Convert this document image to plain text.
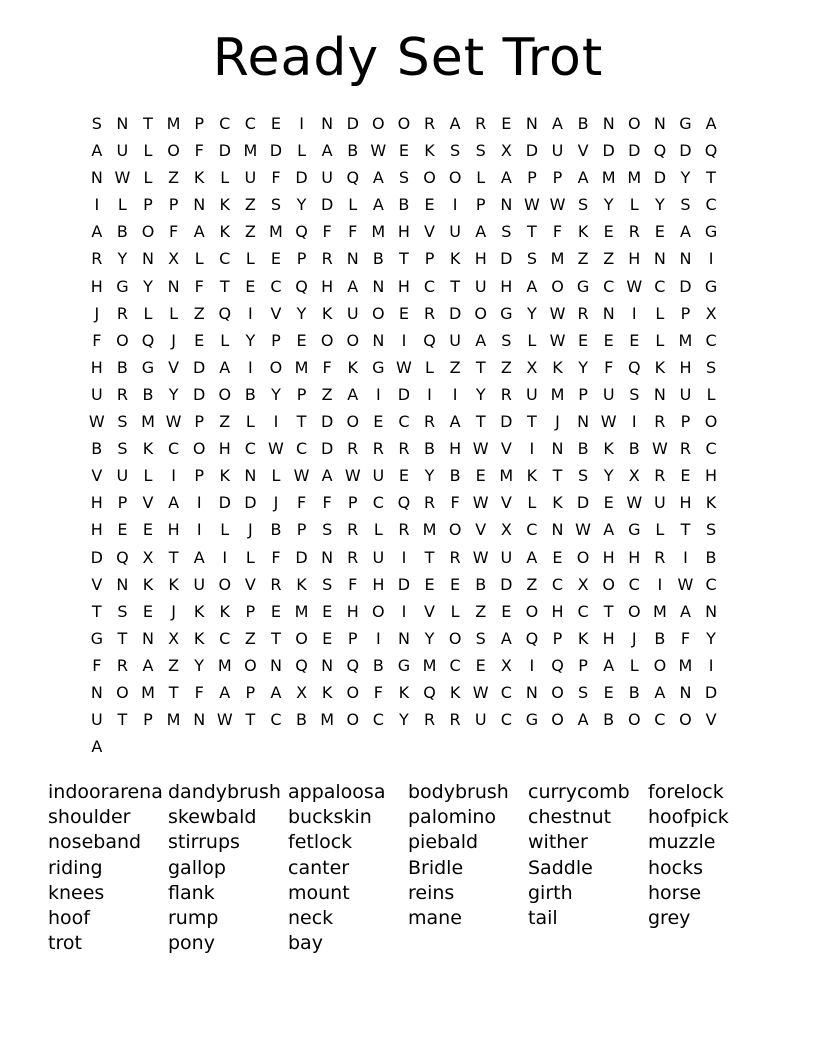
Ready Set Trot
S N T M P C C E	I	N D O O R A R E N A B N O N G A
A U L O F D M D L A B W E K S S X D U V D D Q D Q
N W L Z K L U F D U Q A S O O L A P P A M M D Y T
I	L	P P N K Z S Y D L A B E	I	P N W W S Y	L	Y S C
A B O F A K Z M Q F	F M H V U A S T	F K E R E A G
R Y N X L C L	E P R N B T P K H D S M Z Z H N N	I
H G Y N F	T E C Q H A N H C T U H A O G C W C D G
J	R L	L Z Q	I	V Y K U O E R D O G Y W R N	I	L	P X
F O Q	J	E	L	Y P E O O N	I	Q U A S	L W E E E	L M C
H B G V D A	I	O M F K G W L Z T Z X K Y	F Q K H S
U R B Y D O B Y P Z A	I	D	I	I	Y R U M P U S N U L
W S M W P Z L	I	T D O E C R A T D T	J	N W I	R P O
B S K C O H C W C D R R R B H W V	I	N B K B W R C
V U L	I	P K N L W A W U E Y B E M K T S Y X R E H
H P V A	I	D D	J	F	F	P C Q R F W V L K D E W U H K
H E E H	I	L	J	B P S R L R M O V X C N W A G L	T S
D Q X T A	I	L	F D N R U	I	T R W U A E O H H R	I	B
V N K K U O V R K S F H D E E B D Z C X O C	I W C
T S E	J	K K P E M E H O	I	V L Z E O H C T O M A N
G T N X K C Z T O E P	I	N Y O S A Q P K H	J	B F	Y
F R A Z Y M O N Q N Q B G M C E X	I	Q P A L O M	I
N O M T	F A P A X K O F K Q K W C N O S E B A N D
U T P M N W T C B M O C Y R R U C G O A B O C O V
A
indoorarena dandybrush appaloosa	bodybrush	currycomb forelock
shoulder	skewbald	buckskin	palomino	chestnut	hoofpick
noseband	stirrups	fetlock	piebald	wither	muzzle
riding	gallop	canter	Bridle	Saddle	hocks
knees	flank	mount	reins	girth	horse
hoof	rump	neck	mane	tail	grey
trot	pony	bay
